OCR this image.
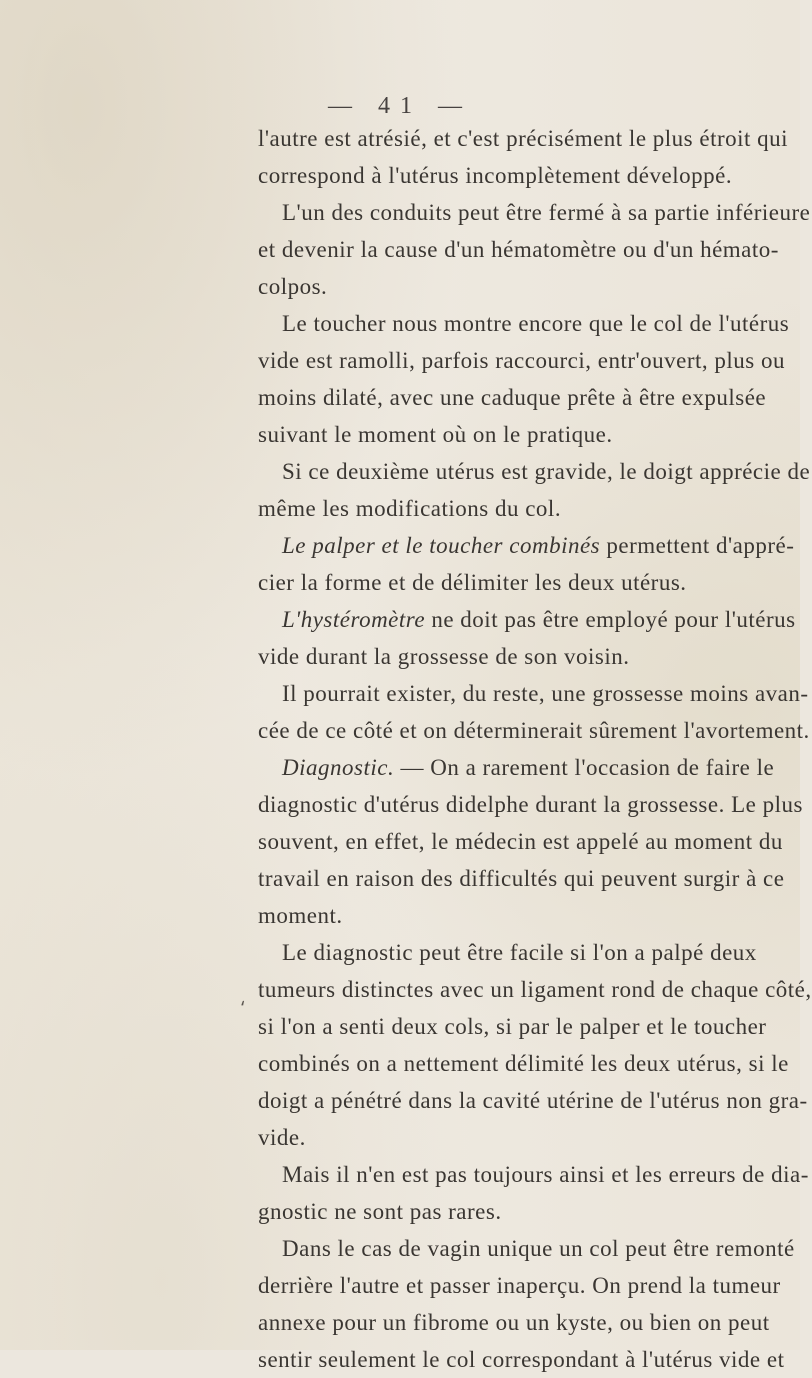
— 41 —
⸲
l'autre est atrésié, et c'est précisément le plus étroit qui
correspond à l'utérus incomplètement développé.
L'un des conduits peut être fermé à sa partie inférieure
et devenir la cause d'un hématomètre ou d'un hémato-
colpos.
Le toucher nous montre encore que le col de l'utérus
vide est ramolli, parfois raccourci, entr'ouvert, plus ou
moins dilaté, avec une caduque prête à être expulsée
suivant le moment où on le pratique.
Si ce deuxième utérus est gravide, le doigt apprécie de
même les modifications du col.
Le palper et le toucher combinés permettent d'appré-
cier la forme et de délimiter les deux utérus.
L'hystéromètre ne doit pas être employé pour l'utérus
vide durant la grossesse de son voisin.
Il pourrait exister, du reste, une grossesse moins avan-
cée de ce côté et on déterminerait sûrement l'avortement.
Diagnostic. — On a rarement l'occasion de faire le
diagnostic d'utérus didelphe durant la grossesse. Le plus
souvent, en effet, le médecin est appelé au moment du
travail en raison des difficultés qui peuvent surgir à ce
moment.
Le diagnostic peut être facile si l'on a palpé deux
tumeurs distinctes avec un ligament rond de chaque côté,
si l'on a senti deux cols, si par le palper et le toucher
combinés on a nettement délimité les deux utérus, si le
doigt a pénétré dans la cavité utérine de l'utérus non gra-
vide.
Mais il n'en est pas toujours ainsi et les erreurs de dia-
gnostic ne sont pas rares.
Dans le cas de vagin unique un col peut être remonté
derrière l'autre et passer inaperçu. On prend la tumeur
annexe pour un fibrome ou un kyste, ou bien on peut
sentir seulement le col correspondant à l'utérus vide et
